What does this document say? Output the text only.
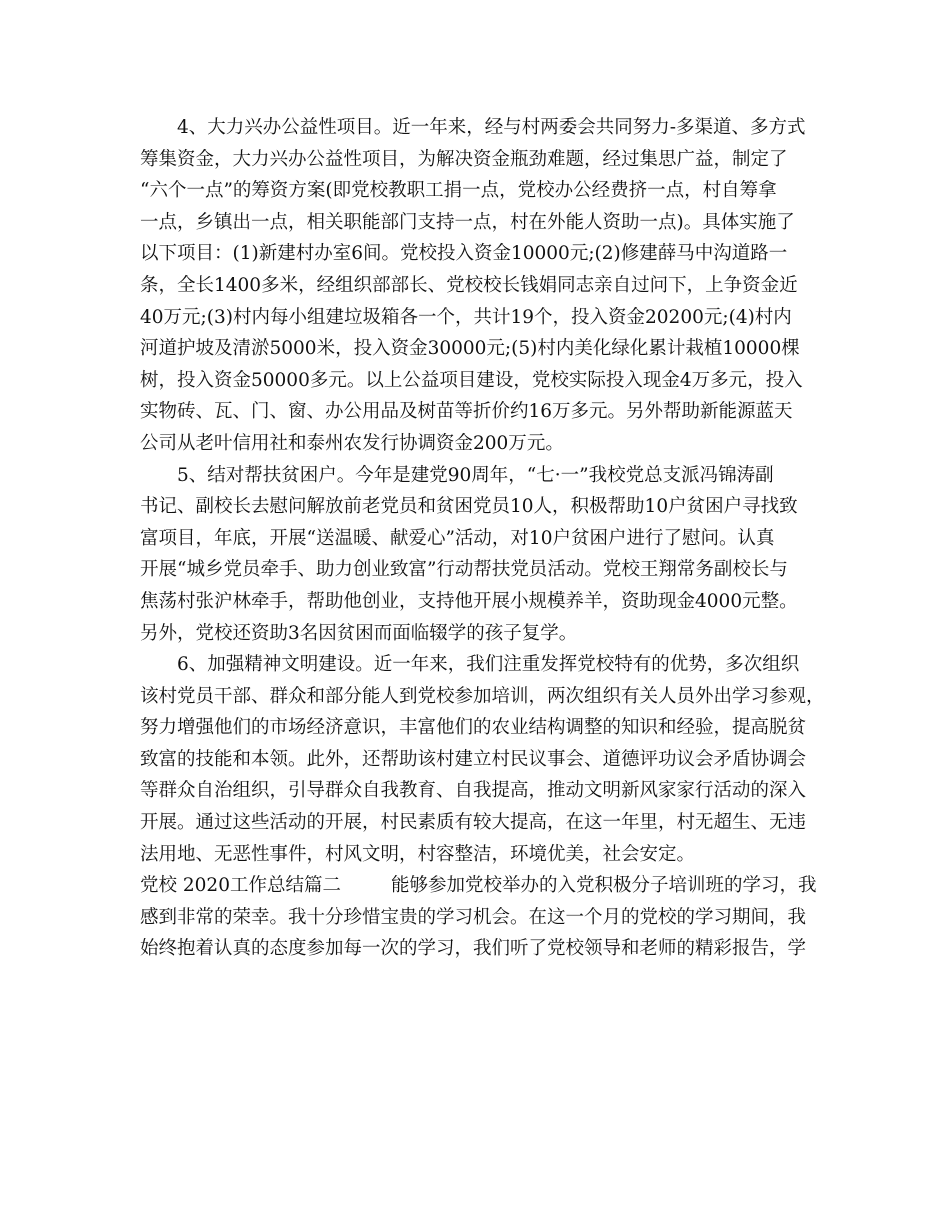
4、大力兴办公益性项目。近一年来，经与村两委会共同努力-多渠道、多方式

筹集资金，大力兴办公益性项目，为解决资金瓶劲难题，经过集思广益，制定了

“六个一点”的筹资方案(即党校教职工捐一点，党校办公经费挤一点，村自筹拿

一点，乡镇出一点，相关职能部门支持一点，村在外能人资助一点)。具体实施了

以下项目：(1)新建村办室6间。党校投入资金10000元;(2)修建薛马中沟道路一

条，全长1400多米，经组织部部长、党校校长钱娟同志亲自过问下，上争资金近

40万元;(3)村内每小组建垃圾箱各一个，共计19个，投入资金20200元;(4)村内

河道护坡及清淤5000米，投入资金30000元;(5)村内美化绿化累计栽植10000棵

树，投入资金50000多元。以上公益项目建设，党校实际投入现金4万多元，投入

实物砖、瓦、门、窗、办公用品及树苗等折价约16万多元。另外帮助新能源蓝天

公司从老叶信用社和泰州农发行协调资金200万元。

5、结对帮扶贫困户。今年是建党90周年，“七·一”我校党总支派冯锦涛副

书记、副校长去慰问解放前老党员和贫困党员10人，积极帮助10户贫困户寻找致

富项目，年底，开展“送温暖、献爱心”活动，对10户贫困户进行了慰问。认真

开展“城乡党员牵手、助力创业致富”行动帮扶党员活动。党校王翔常务副校长与

焦荡村张沪林牵手，帮助他创业，支持他开展小规模养羊，资助现金4000元整。

另外，党校还资助3名因贫困而面临辍学的孩子复学。

6、加强精神文明建设。近一年来，我们注重发挥党校特有的优势，多次组织

该村党员干部、群众和部分能人到党校参加培训，两次组织有关人员外出学习参观，

努力增强他们的市场经济意识，丰富他们的农业结构调整的知识和经验，提高脱贫

致富的技能和本领。此外，还帮助该村建立村民议事会、道德评功议会矛盾协调会

等群众自治组织，引导群众自我教育、自我提高，推动文明新风家家行活动的深入

开展。通过这些活动的开展，村民素质有较大提高，在这一年里，村无超生、无违

法用地、无恶性事件，村风文明，村容整洁，环境优美，社会安定。

党校 2020工作总结篇二	能够参加党校举办的入党积极分子培训班的学习，我

感到非常的荣幸。我十分珍惜宝贵的学习机会。在这一个月的党校的学习期间，我

始终抱着认真的态度参加每一次的学习，我们听了党校领导和老师的精彩报告，学
